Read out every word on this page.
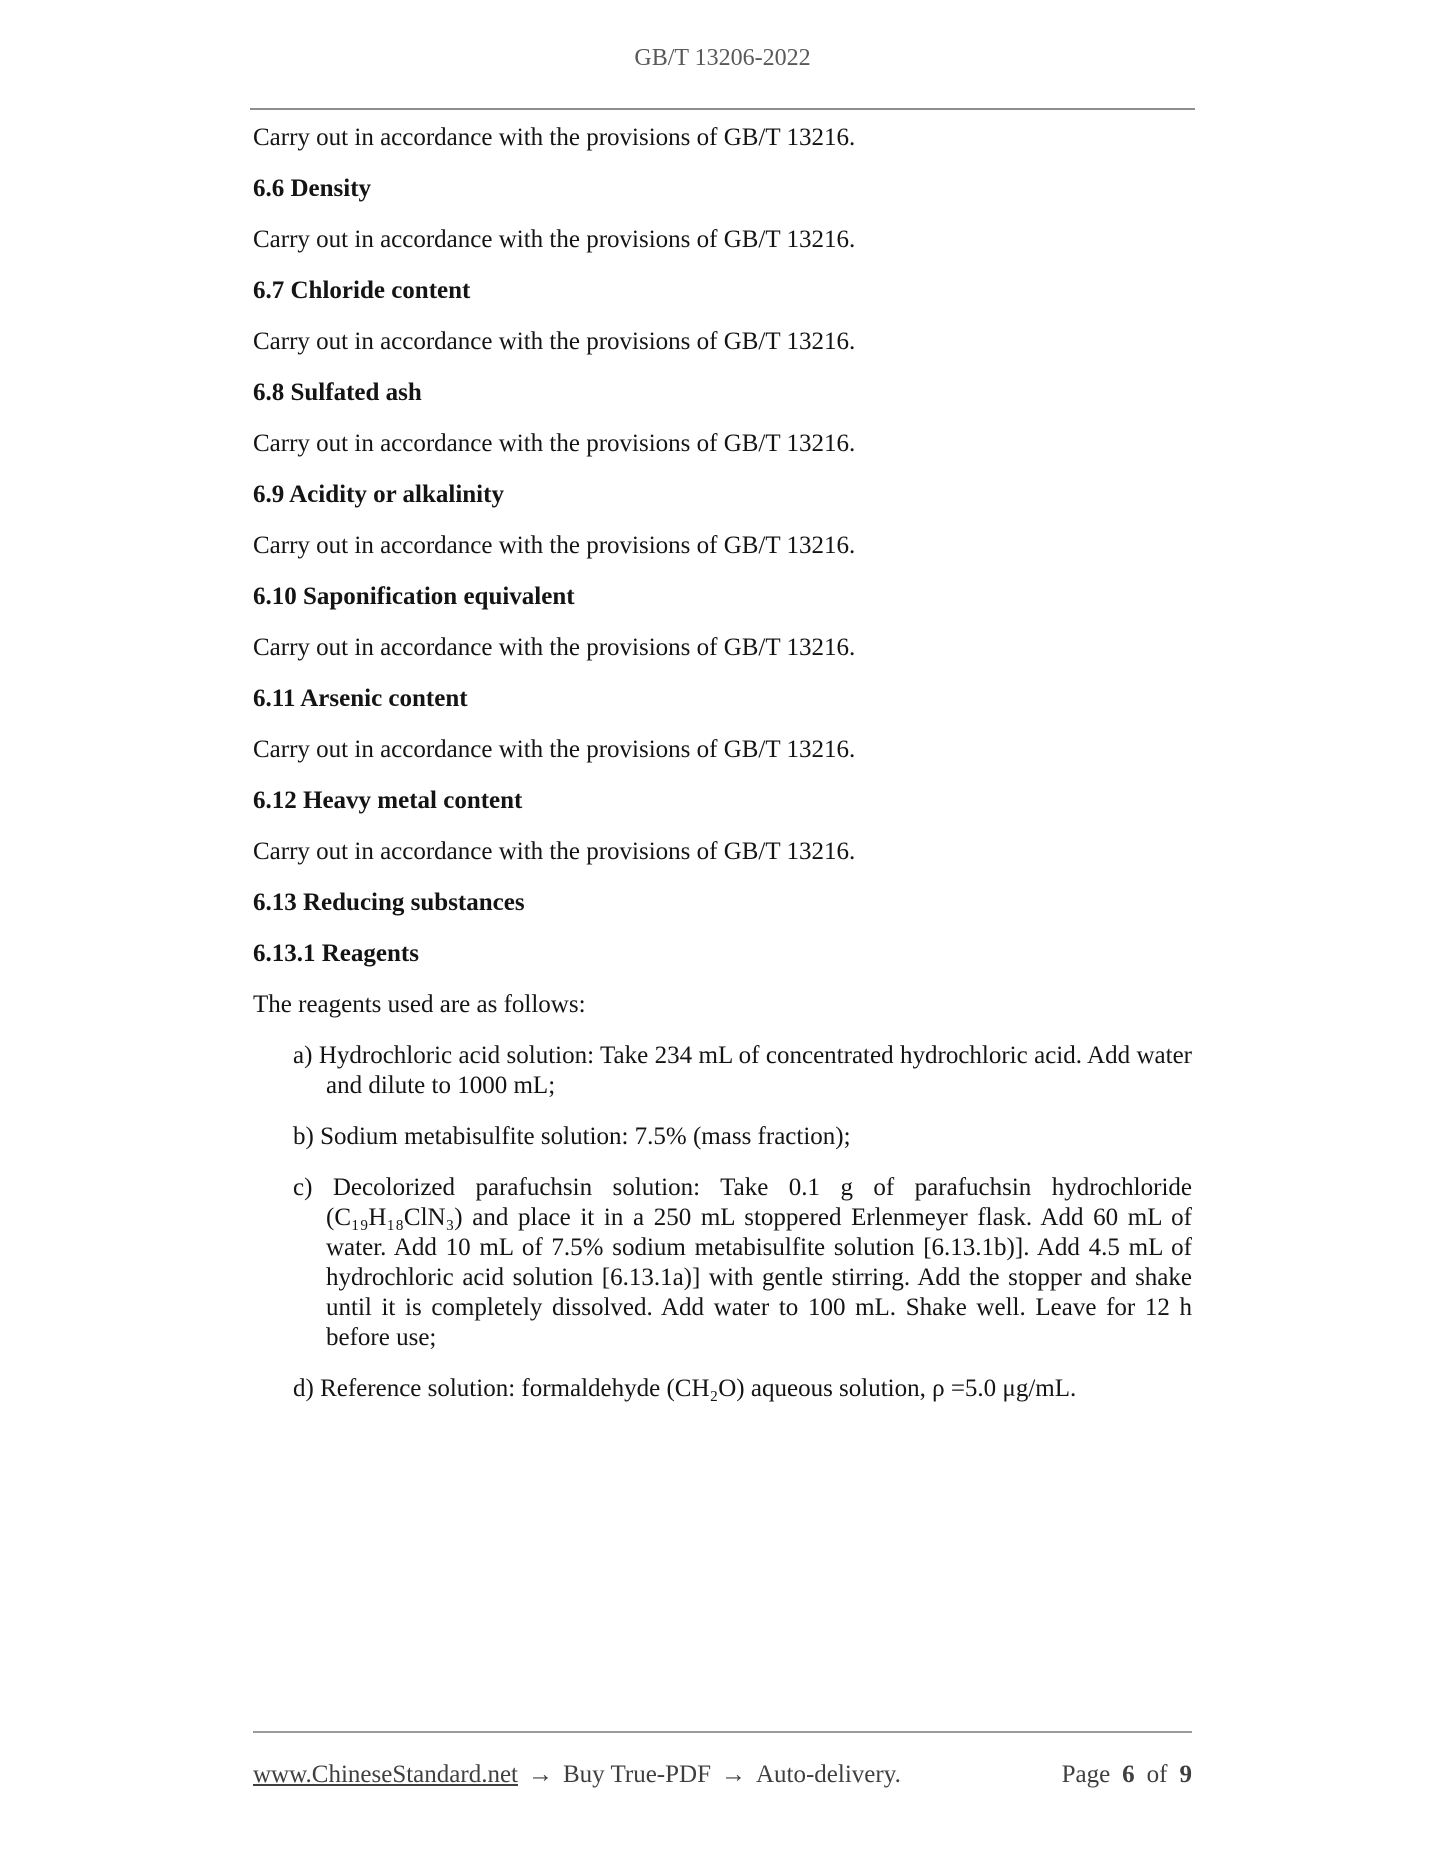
GB/T 13206-2022

Carry out in accordance with the provisions of GB/T 13216.

6.6 Density

Carry out in accordance with the provisions of GB/T 13216.

6.7 Chloride content

Carry out in accordance with the provisions of GB/T 13216.

6.8 Sulfated ash

Carry out in accordance with the provisions of GB/T 13216.

6.9 Acidity or alkalinity

Carry out in accordance with the provisions of GB/T 13216.

6.10 Saponification equivalent

Carry out in accordance with the provisions of GB/T 13216.

6.11 Arsenic content

Carry out in accordance with the provisions of GB/T 13216.

6.12 Heavy metal content

Carry out in accordance with the provisions of GB/T 13216.

6.13 Reducing substances

6.13.1 Reagents

The reagents used are as follows:

a) Hydrochloric acid solution: Take 234 mL of concentrated hydrochloric acid. Add water and dilute to 1000 mL;
b) Sodium metabisulfite solution: 7.5% (mass fraction);
c) Decolorized parafuchsin solution: Take 0.1 g of parafuchsin hydrochloride (C₁₉H₁₈ClN₃) and place it in a 250 mL stoppered Erlenmeyer flask. Add 60 mL of water. Add 10 mL of 7.5% sodium metabisulfite solution [6.13.1b)]. Add 4.5 mL of hydrochloric acid solution [6.13.1a)] with gentle stirring. Add the stopper and shake until it is completely dissolved. Add water to 100 mL. Shake well. Leave for 12 h before use;
d) Reference solution: formaldehyde (CH₂O) aqueous solution, ρ =5.0 μg/mL.
www.ChineseStandard.net → Buy True-PDF → Auto-delivery.	Page 6 of 9
